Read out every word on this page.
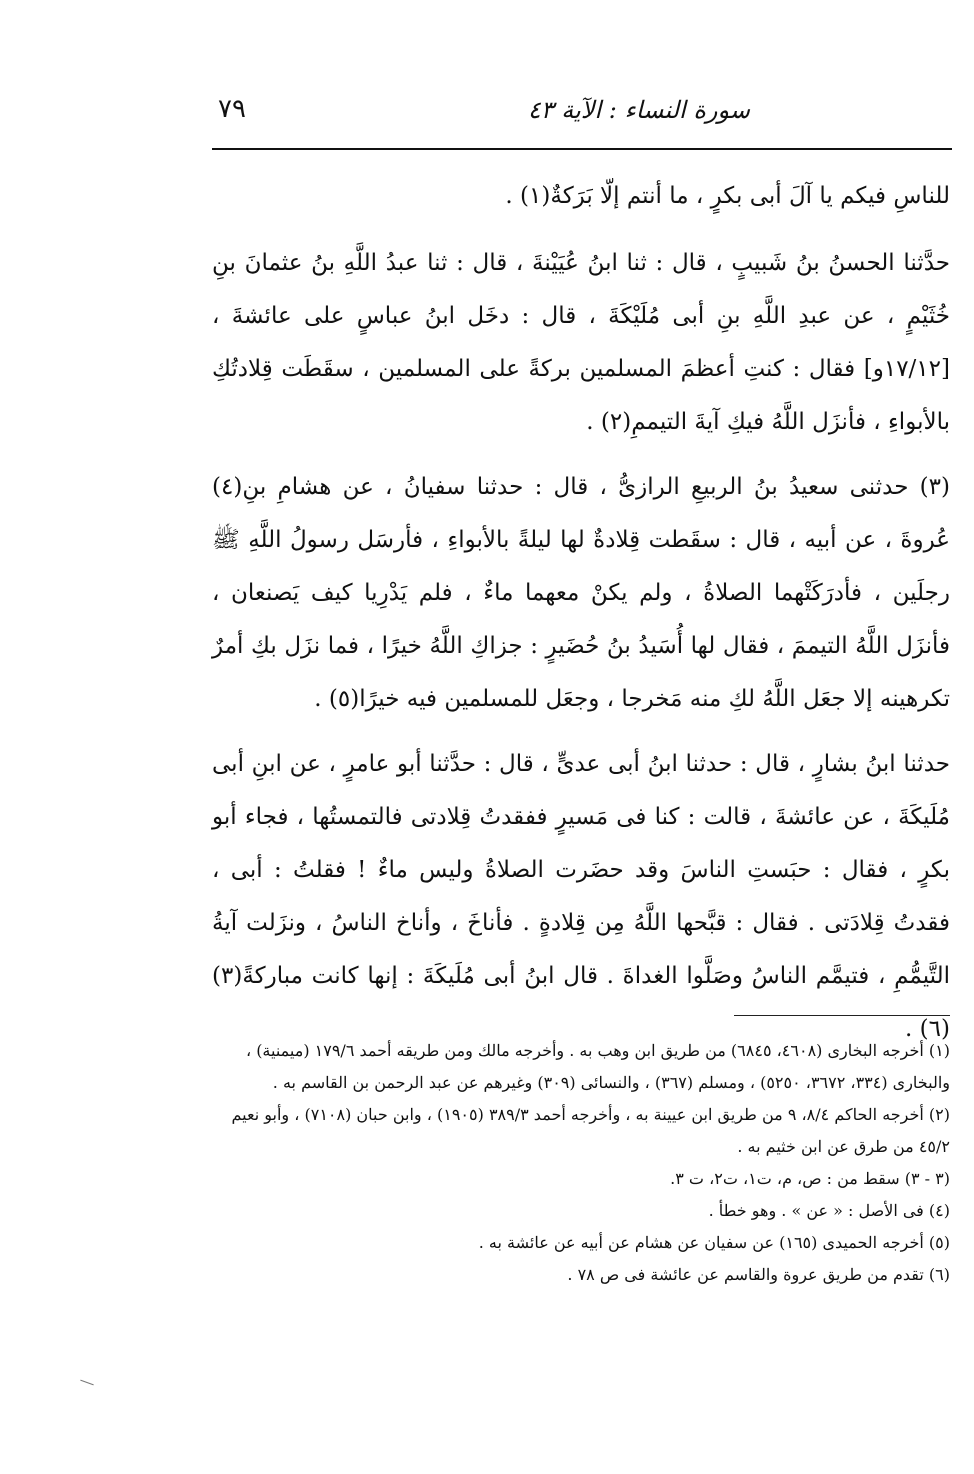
سورة النساء : الآية ٤٣
٧٩

للناسِ فيكم يا آلَ أبى بكرٍ ، ما أنتم إلّا بَرَكةٌ(١) .

حدَّثنا الحسنُ بنُ شَبيبٍ ، قال : ثنا ابنُ عُيَيْنةَ ، قال : ثنا عبدُ اللَّهِ بنُ عثمانَ بنِ خُثَيْمٍ ، عن عبدِ اللَّهِ بنِ أبى مُلَيْكَةَ ، قال : دخَل ابنُ عباسٍ على عائشةَ ، [١٧/١٢و] فقال : كنتِ أعظمَ المسلمين بركةً على المسلمين ، سقَطَت قِلادتُكِ بالأبواءِ ، فأنزَل اللَّهُ فيكِ آيةَ التيممِ(٢) .

(٣) حدثنى سعيدُ بنُ الربيعِ الرازىُّ ، قال : حدثنا سفيانُ ، عن هشامِ بنِ(٤) عُروةَ ، عن أبيه ، قال : سقَطت قِلادةٌ لها ليلةً بالأبواءِ ، فأرسَل رسولُ اللَّهِ ﷺ رجلَين ، فأدرَكَتْهما الصلاةُ ، ولم يكنْ معهما ماءٌ ، فلم يَدْرِيا كيف يَصنعان ، فأنزَل اللَّهُ التيممَ ، فقال لها أُسَيدُ بنُ حُضَيرٍ : جزاكِ اللَّهُ خيرًا ، فما نزَل بكِ أمرٌ تكرهينه إلا جعَل اللَّهُ لكِ منه مَخرجا ، وجعَل للمسلمين فيه خيرًا(٥) .

حدثنا ابنُ بشارٍ ، قال : حدثنا ابنُ أبى عدىٍّ ، قال : حدَّثنا أبو عامرٍ ، عن ابنِ أبى مُلَيكَةَ ، عن عائشةَ ، قالت : كنا فى مَسيرٍ ففقدتُ قِلادتى فالتمستُها ، فجاء أبو بكرٍ ، فقال : حبَستِ الناسَ وقد حضَرت الصلاةُ وليس ماءٌ ! فقلتُ : أبى ، فقدتُ قِلادَتى . فقال : قبَّحها اللَّهُ مِن قِلادةٍ . فأناخَ ، وأناخ الناسُ ، ونزَلت آيةُ التَّيمُّمِ ، فتيمَّم الناسُ وصَلَّوا الغداةَ . قال ابنُ أبى مُلَيكَةَ : إنها كانت مباركةً(٣)(٦) .

(١) أخرجه البخارى (٤٦٠٨، ٦٨٤٥) من طريق ابن وهب به . وأخرجه مالك ومن طريقه أحمد ١٧٩/٦ (ميمنية) ، والبخارى (٣٣٤، ٣٦٧٢، ٥٢٥٠) ، ومسلم (٣٦٧) ، والنسائى (٣٠٩) وغيرهم عن عبد الرحمن بن القاسم به .

(٢) أخرجه الحاكم ٨/٤، ٩ من طريق ابن عيينة به ، وأخرجه أحمد ٣٨٩/٣ (١٩٠٥) ، وابن حبان (٧١٠٨) ، وأبو نعيم ٤٥/٢ من طرق عن ابن خثيم به .

(٣ - ٣) سقط من : ص، م، ت١، ت٢، ت ٣.

(٤) فى الأصل : « عن » . وهو خطأ .

(٥) أخرجه الحميدى (١٦٥) عن سفيان عن هشام عن أبيه عن عائشة به .

(٦) تقدم من طريق عروة والقاسم عن عائشة فى ص ٧٨ .
